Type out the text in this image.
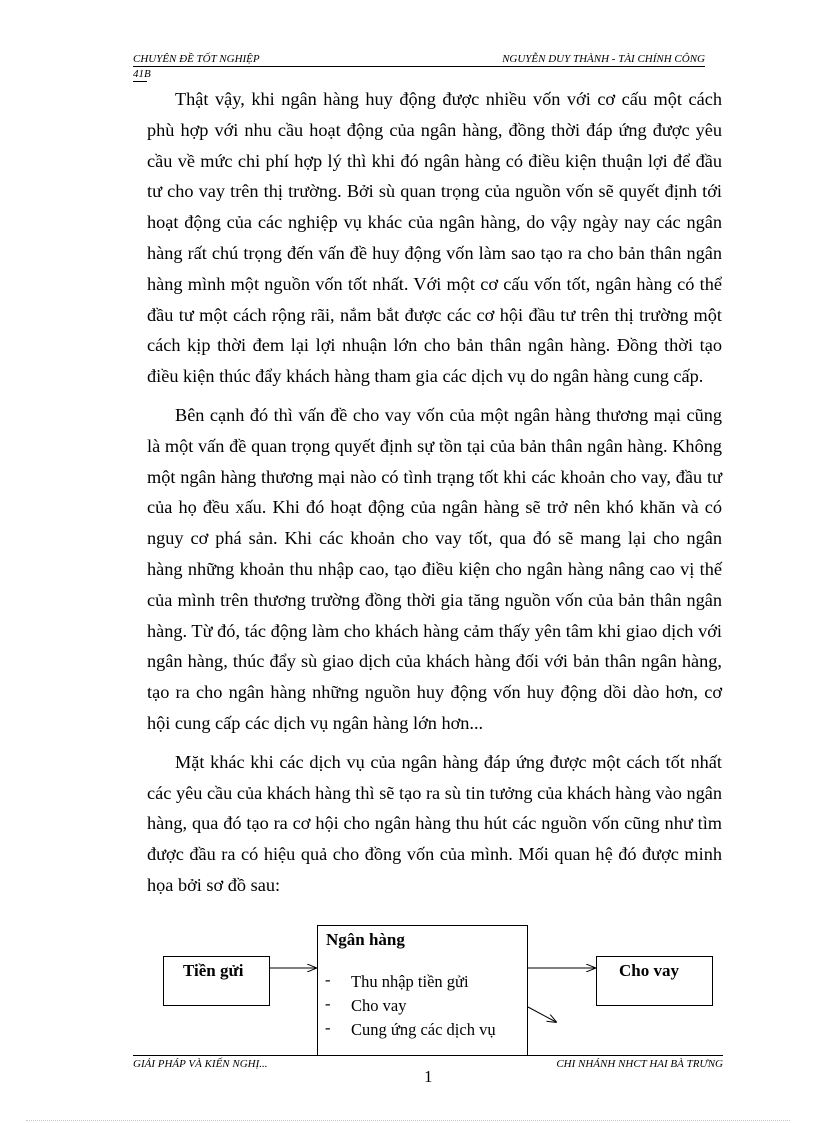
CHUYÊN ĐỀ TỐT NGHIỆP	NGUYỄN DUY THÀNH - TÀI CHÍNH CÔNG
41B

Thật vậy, khi ngân hàng huy động được nhiều vốn với cơ cấu một cách phù hợp với nhu cầu hoạt động của ngân hàng, đồng thời đáp ứng được yêu cầu về mức chi phí hợp lý thì khi đó ngân hàng có điều kiện thuận lợi để đầu tư cho vay trên thị trường. Bởi sù quan trọng của nguồn vốn sẽ quyết định tới hoạt động của các nghiệp vụ khác của ngân hàng, do vậy ngày nay các ngân hàng rất chú trọng đến vấn đề huy động vốn làm sao tạo ra cho bản thân ngân hàng mình một nguồn vốn tốt nhất. Với một cơ cấu vốn tốt, ngân hàng có thể đầu tư một cách rộng rãi, nắm bắt được các cơ hội đầu tư trên thị trường một cách kịp thời đem lại lợi nhuận lớn cho bản thân ngân hàng. Đồng thời tạo điều kiện thúc đẩy khách hàng tham gia các dịch vụ do ngân hàng cung cấp.

Bên cạnh đó thì vấn đề cho vay vốn của một ngân hàng thương mại cũng là một vấn đề quan trọng quyết định sự tồn tại của bản thân ngân hàng. Không một ngân hàng thương mại nào có tình trạng tốt khi các khoản cho vay, đầu tư của họ đều xấu. Khi đó hoạt động của ngân hàng sẽ trở nên khó khăn và có nguy cơ phá sản. Khi các khoản cho vay tốt, qua đó sẽ mang lại cho ngân hàng những khoản thu nhập cao, tạo điều kiện cho ngân hàng nâng cao vị thế của mình trên thương trường đồng thời gia tăng nguồn vốn của bản thân ngân hàng. Từ đó, tác động làm cho khách hàng cảm thấy yên tâm khi giao dịch với ngân hàng, thúc đẩy sù giao dịch của khách hàng đối với bản thân ngân hàng, tạo ra cho ngân hàng những nguồn huy động vốn huy động dồi dào hơn, cơ hội cung cấp các dịch vụ ngân hàng lớn hơn...

Mặt khác khi các dịch vụ của ngân hàng đáp ứng được một cách tốt nhất các yêu cầu của khách hàng thì sẽ tạo ra sù tin tưởng của khách hàng vào ngân hàng, qua đó tạo ra cơ hội cho ngân hàng thu hút các nguồn vốn cũng như tìm được đầu ra có hiệu quả cho đồng vốn của mình. Mối quan hệ đó được minh họa bởi sơ đồ sau:

Tiền gửi
Ngân hàng
- Thu nhập tiền gửi
- Cho vay
- Cung ứng các dịch vụ
Cho vay
GIẢI PHÁP VÀ KIẾN NGHỊ...	CHI NHÁNH NHCT HAI BÀ TRƯNG
1
